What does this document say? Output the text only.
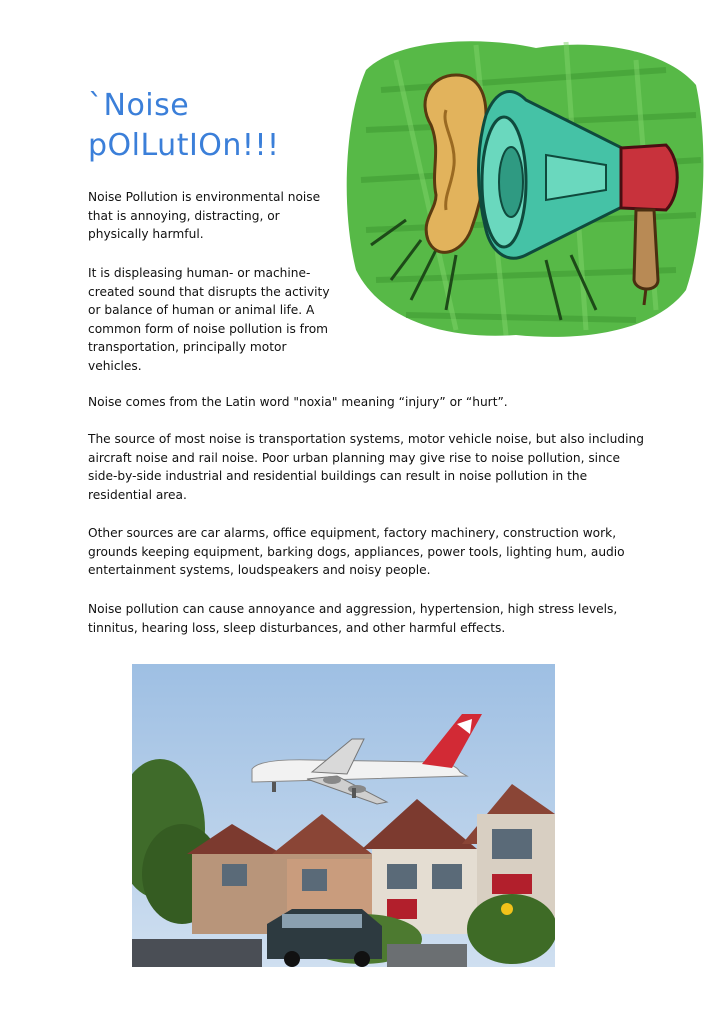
`Noise
pOlLutIOn!!!

Noise Pollution is environmental noise that is annoying, distracting, or physically harmful.

It is displeasing human- or machine-created sound that disrupts the activity or balance of human or animal life. A common form of noise pollution is from transportation, principally motor vehicles.

Noise comes from the Latin word "noxia" meaning “injury” or “hurt”.

The source of most noise is transportation systems, motor vehicle noise, but also including aircraft noise and rail noise. Poor urban planning may give rise to noise pollution, since side-by-side industrial and residential buildings can result in noise pollution in the residential area.

Other sources are car alarms, office equipment, factory machinery, construction work, grounds keeping equipment, barking dogs, appliances, power tools, lighting hum, audio entertainment systems, loudspeakers and noisy people.

Noise pollution can cause annoyance and aggression, hypertension, high stress levels, tinnitus, hearing loss, sleep disturbances, and other harmful effects.
